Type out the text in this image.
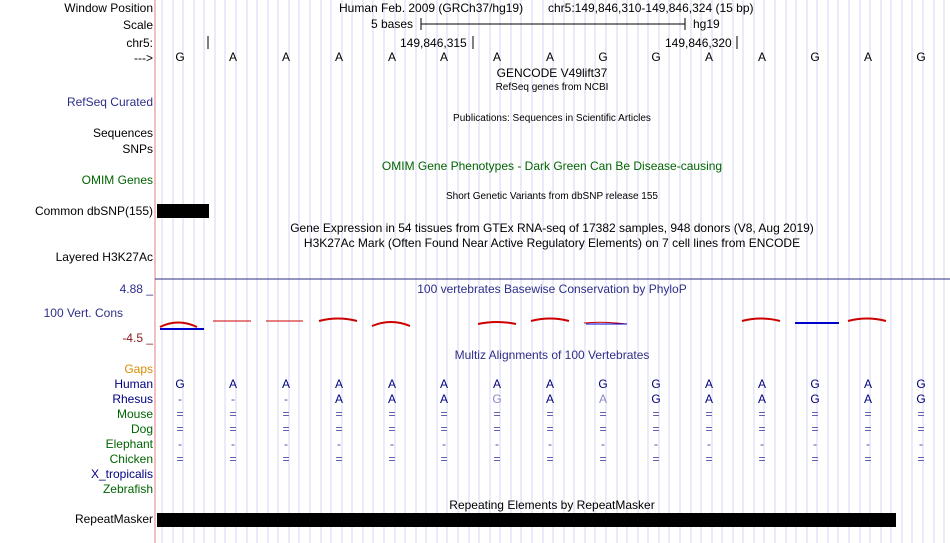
Window Position	Human Feb. 2009 (GRCh37/hg19) chr5:149,846,310-149,846,324 (15 bp)
Scale	5 bases	hg19
chr5:	149,846,315	149,846,320
---> G	A	A	A	A	A	A	A	G	G	A	A	G	A	G
GENCODE V49lift37
RefSeq genes from NCBI
RefSeq Curated
Publications: Sequences in Scientific Articles
Sequences
SNPs
OMIM Gene Phenotypes - Dark Green Can Be Disease-causing
OMIM Genes
Short Genetic Variants from dbSNP release 155
Common dbSNP(155)
Gene Expression in 54 tissues from GTEx RNA-seq of 17382 samples, 948 donors (V8, Aug 2019)
H3K27Ac Mark (Often Found Near Active Regulatory Elements) on 7 cell lines from ENCODE
Layered H3K27Ac
4.88 _	100 vertebrates Basewise Conservation by PhyloP
100 Vert. Cons
-4.5 _
Multiz Alignments of 100 Vertebrates
Gaps
Human G	A	A	A	A	A	A	A	G	G	A	A	G	A	G
Rhesus -	-	-	A	A	A	G	A	A	G	A	A	G	A	G
Mouse =	=	=	=	=	=	=	=	=	=	=	=	=	=	=
Dog =	=	=	=	=	=	=	=	=	=	=	=	=	=	=
Elephant -	-	-	-	-	-	-	-	-	-	-	-	-	-	-
Chicken =	=	=	=	=	=	=	=	=	=	=	=	=	=	=
X_tropicalis
Zebrafish
Repeating Elements by RepeatMasker
RepeatMasker
